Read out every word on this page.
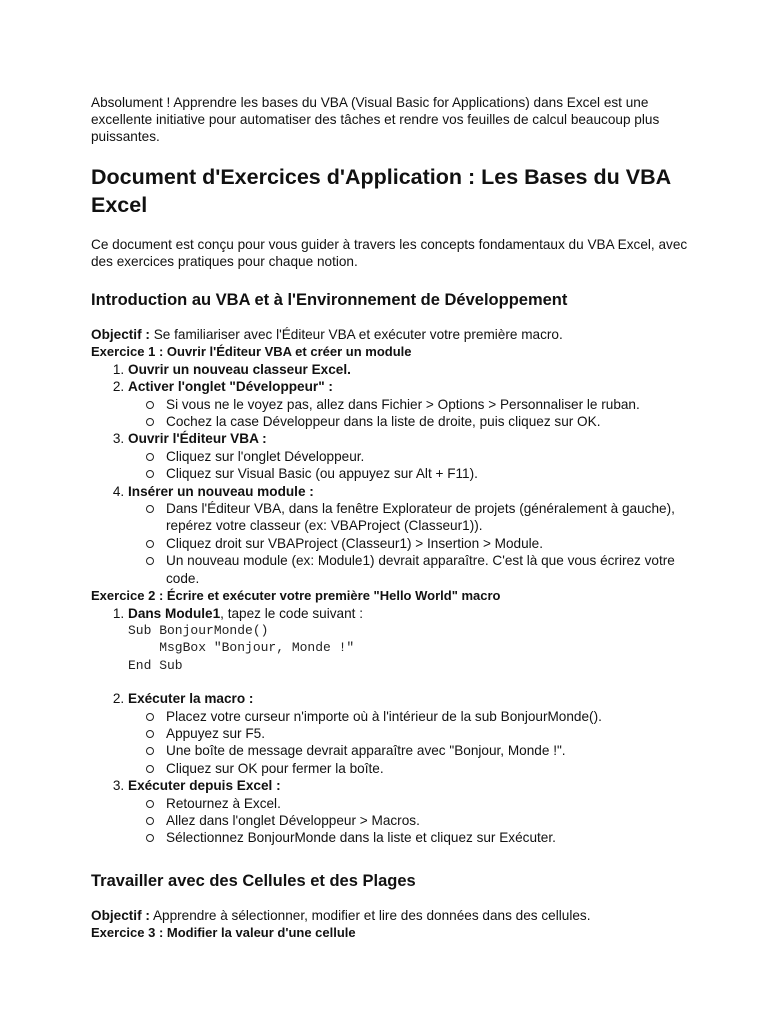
Absolument ! Apprendre les bases du VBA (Visual Basic for Applications) dans Excel est une excellente initiative pour automatiser des tâches et rendre vos feuilles de calcul beaucoup plus puissantes.

Document d'Exercices d'Application : Les Bases du VBA Excel

Ce document est conçu pour vous guider à travers les concepts fondamentaux du VBA Excel, avec des exercices pratiques pour chaque notion.

Introduction au VBA et à l'Environnement de Développement

Objectif : Se familiariser avec l'Éditeur VBA et exécuter votre première macro.

Exercice 1 : Ouvrir l'Éditeur VBA et créer un module
1. Ouvrir un nouveau classeur Excel.
2. Activer l'onglet "Développeur" :
Si vous ne le voyez pas, allez dans Fichier > Options > Personnaliser le ruban.
Cochez la case Développeur dans la liste de droite, puis cliquez sur OK.
3. Ouvrir l'Éditeur VBA :
Cliquez sur l'onglet Développeur.
Cliquez sur Visual Basic (ou appuyez sur Alt + F11).
4. Insérer un nouveau module :
Dans l'Éditeur VBA, dans la fenêtre Explorateur de projets (généralement à gauche), repérez votre classeur (ex: VBAProject (Classeur1)).
Cliquez droit sur VBAProject (Classeur1) > Insertion > Module.
Un nouveau module (ex: Module1) devrait apparaître. C'est là que vous écrirez votre code.
Exercice 2 : Écrire et exécuter votre première "Hello World" macro
1. Dans Module1, tapez le code suivant :
Sub BonjourMonde()
MsgBox "Bonjour, Monde !"
End Sub
2. Exécuter la macro :
Placez votre curseur n'importe où à l'intérieur de la sub BonjourMonde().
Appuyez sur F5.
Une boîte de message devrait apparaître avec "Bonjour, Monde !".
Cliquez sur OK pour fermer la boîte.
3. Exécuter depuis Excel :
Retournez à Excel.
Allez dans l'onglet Développeur > Macros.
Sélectionnez BonjourMonde dans la liste et cliquez sur Exécuter.
Travailler avec des Cellules et des Plages

Objectif : Apprendre à sélectionner, modifier et lire des données dans des cellules.

Exercice 3 : Modifier la valeur d'une cellule
